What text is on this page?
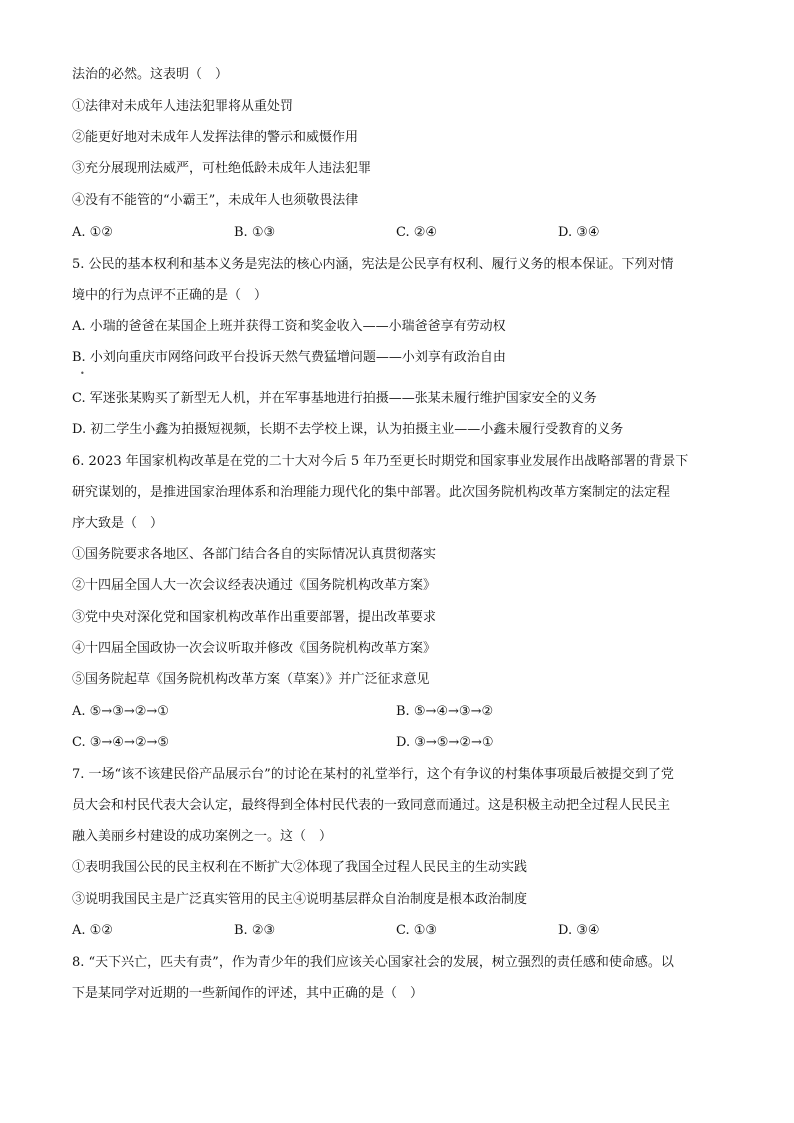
法治的必然。这表明（　）
①法律对未成年人违法犯罪将从重处罚
②能更好地对未成年人发挥法律的警示和威慑作用
③充分展现刑法威严，可杜绝低龄未成年人违法犯罪
④没有不能管的“小霸王”，未成年人也须敬畏法律
A. ①②	B. ①③	C. ②④	D. ③④
5. 公民的基本权利和基本义务是宪法的核心内涵，宪法是公民享有权利、履行义务的根本保证。下列对情
境中的行为点评不正确的是（　）
A. 小瑞的爸爸在某国企上班并获得工资和奖金收入——小瑞爸爸享有劳动权
B. 小刘向重庆市网络问政平台投诉天然气费猛增问题——小刘享有政治自由
•
C. 军迷张某购买了新型无人机，并在军事基地进行拍摄——张某未履行维护国家安全的义务
D. 初二学生小鑫为拍摄短视频，长期不去学校上课，认为拍摄主业——小鑫未履行受教育的义务
6. 2023 年国家机构改革是在党的二十大对今后 5 年乃至更长时期党和国家事业发展作出战略部署的背景下
研究谋划的，是推进国家治理体系和治理能力现代化的集中部署。此次国务院机构改革方案制定的法定程
序大致是（　）
①国务院要求各地区、各部门结合各自的实际情况认真贯彻落实
②十四届全国人大一次会议经表决通过《国务院机构改革方案》
③党中央对深化党和国家机构改革作出重要部署，提出改革要求
④十四届全国政协一次会议听取并修改《国务院机构改革方案》
⑤国务院起草《国务院机构改革方案（草案）》并广泛征求意见
A. ⑤→③→②→①	B. ⑤→④→③→②
C. ③→④→②→⑤	D. ③→⑤→②→①
7. 一场“该不该建民俗产品展示台”的讨论在某村的礼堂举行，这个有争议的村集体事项最后被提交到了党
员大会和村民代表大会认定，最终得到全体村民代表的一致同意而通过。这是积极主动把全过程人民民主
融入美丽乡村建设的成功案例之一。这（　）
①表明我国公民的民主权利在不断扩大②体现了我国全过程人民民主的生动实践
③说明我国民主是广泛真实管用的民主④说明基层群众自治制度是根本政治制度
A. ①②	B. ②③	C. ①③	D. ③④
8. “天下兴亡，匹夫有责”，作为青少年的我们应该关心国家社会的发展，树立强烈的责任感和使命感。以
下是某同学对近期的一些新闻作的评述，其中正确的是（　）
